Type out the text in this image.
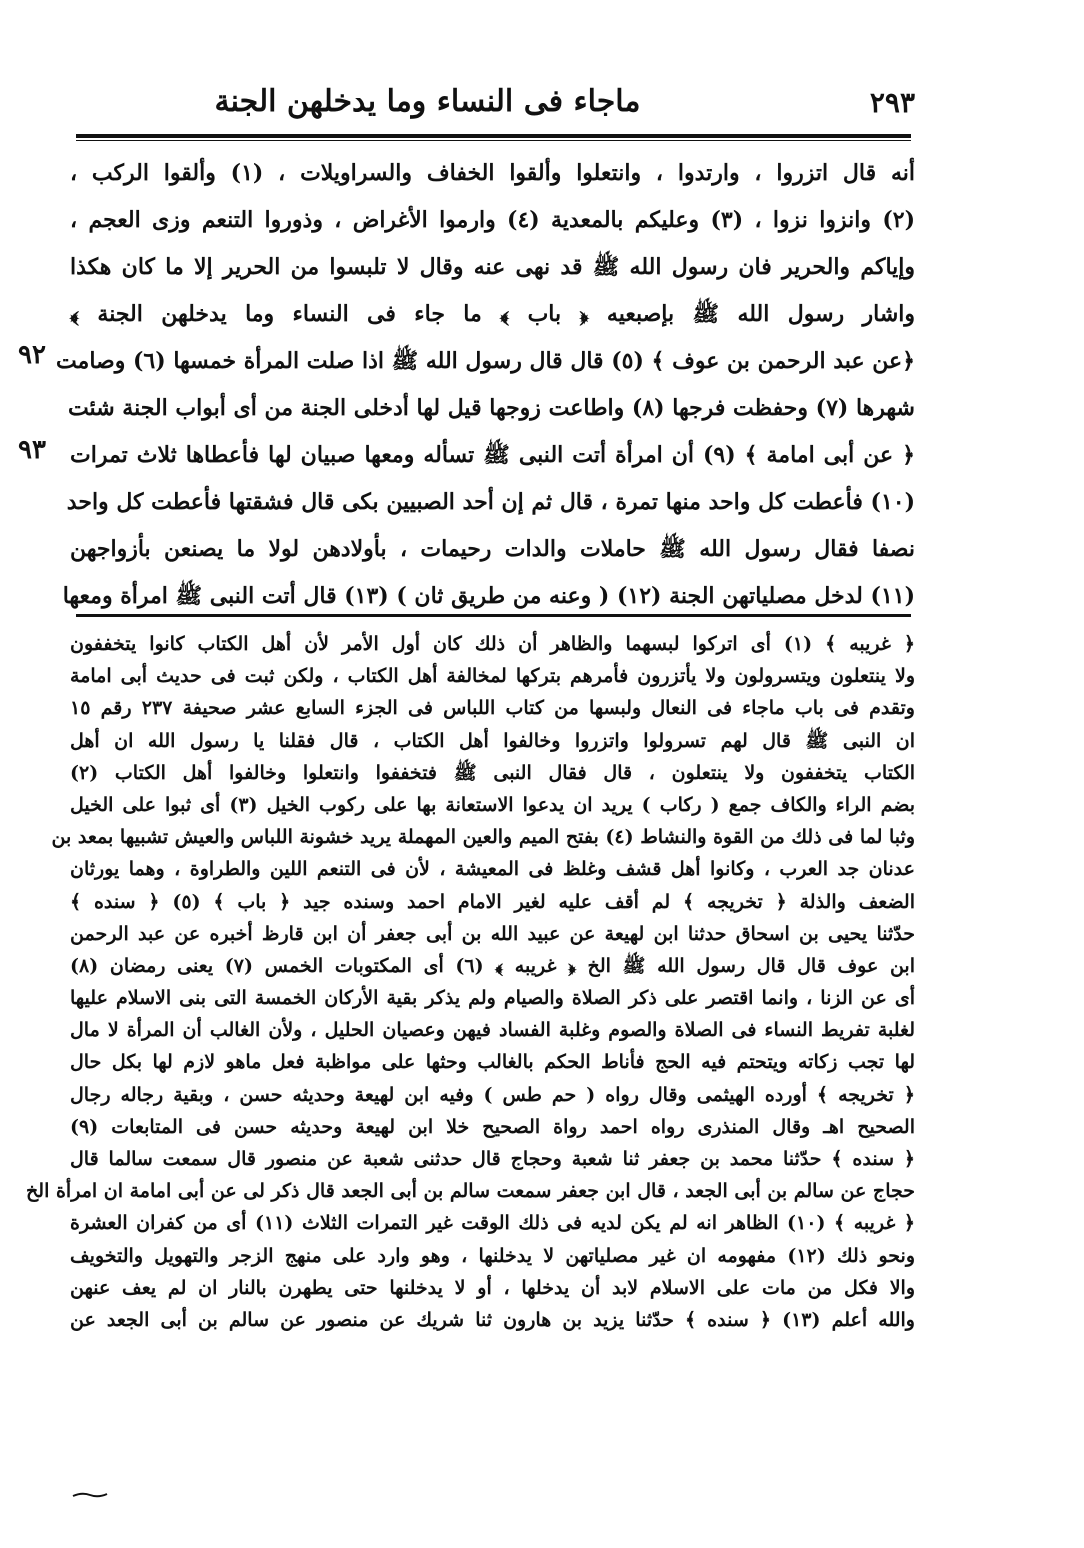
٢٩٣
ماجاء فى النساء وما يدخلهن الجنة
٩٢
٩٣
أنه قال اتزروا ، وارتدوا ، وانتعلوا وألقوا الخفاف والسراويلات ، (١) وألقوا الركب ،
(٢) وانزوا نزوا ، (٣) وعليكم بالمعدية (٤) وارموا الأغراض ، وذوروا التنعم وزى العجم ،
وإياكم والحرير فان رسول الله ﷺ قد نهى عنه وقال لا تلبسوا من الحرير إلا ما كان هكذا
واشار رسول الله ﷺ بإصبعيه ﴿ باب ﴾ ما جاء فى النساء وما يدخلهن الجنة ﴾
﴿عن عبد الرحمن بن عوف ﴾ (٥) قال قال رسول الله ﷺ اذا صلت المرأة خمسها (٦) وصامت
شهرها (٧) وحفظت فرجها (٨) واطاعت زوجها قيل لها أدخلى الجنة من أى أبواب الجنة شئت
﴿ عن أبى امامة ﴾ (٩) أن امرأة أتت النبى ﷺ تسأله ومعها صبيان لها فأعطاها ثلاث تمرات
(١٠) فأعطت كل واحد منها تمرة ، قال ثم إن أحد الصبيين بكى قال فشقتها فأعطت كل واحد
نصفا فقال رسول الله ﷺ حاملات والدات رحيمات ، بأولادهن لولا ما يصنعن بأزواجهن
(١١) لدخل مصلياتهن الجنة (١٢) ( وعنه من طريق ثان ) (١٣) قال أتت النبى ﷺ امرأة ومعها
﴿ غريبه ﴾ (١) أى اتركوا لبسهما والظاهر أن ذلك كان أول الأمر لأن أهل الكتاب كانوا يتخففون
ولا ينتعلون ويتسرولون ولا يأتزرون فأمرهم بتركها لمخالفة أهل الكتاب ، ولكن ثبت فى حديث أبى امامة
وتقدم فى باب ماجاء فى النعال ولبسها من كتاب اللباس فى الجزء السابع عشر صحيفة ٢٣٧ رقم ١٥
ان النبى ﷺ قال لهم تسرولوا واتزروا وخالفوا أهل الكتاب ، قال فقلنا يا رسول الله ان أهل
الكتاب يتخففون ولا ينتعلون ، قال فقال النبى ﷺ فتخففوا وانتعلوا وخالفوا أهل الكتاب (٢)
بضم الراء والكاف جمع ( ركاب ) يريد ان يدعوا الاستعانة بها على ركوب الخيل (٣) أى ثبوا على الخيل
وثبا لما فى ذلك من القوة والنشاط (٤) بفتح الميم والعين المهملة يريد خشونة اللباس والعيش تشبيها بمعد بن
عدنان جد العرب ، وكانوا أهل قشف وغلظ فى المعيشة ، لأن فى التنعم اللين والطراوة ، وهما يورثان
الضعف والذلة ﴿ تخريجه ﴾ لم أقف عليه لغير الامام احمد وسنده جيد ﴿ باب ﴾ (٥) ﴿ سنده ﴾
حدّثنا يحيى بن اسحاق حدثنا ابن لهيعة عن عبيد الله بن أبى جعفر أن ابن قارظ أخبره عن عبد الرحمن
ابن عوف قال قال رسول الله ﷺ الخ ﴿ غريبه ﴾ (٦) أى المكتوبات الخمس (٧) يعنى رمضان (٨)
أى عن الزنا ، وانما اقتصر على ذكر الصلاة والصيام ولم يذكر بقية الأركان الخمسة التى بنى الاسلام عليها
لغلبة تفريط النساء فى الصلاة والصوم وغلبة الفساد فيهن وعصيان الحليل ، ولأن الغالب أن المرأة لا مال
لها تجب زكاته ويتحتم فيه الحج فأناط الحكم بالغالب وحثها على مواظبة فعل ماهو لازم لها بكل حال
﴿ تخريجه ﴾ أورده الهيثمى وقال رواه ( حم طس ) وفيه ابن لهيعة وحديثه حسن ، وبقية رجاله رجال
الصحيح اهـ وقال المنذرى رواه احمد رواة الصحيح خلا ابن لهيعة وحديثه حسن فى المتابعات (٩)
﴿ سنده ﴾ حدّثنا محمد بن جعفر ثنا شعبة وحجاج قال حدثنى شعبة عن منصور قال سمعت سالما قال
حجاج عن سالم بن أبى الجعد ، قال ابن جعفر سمعت سالم بن أبى الجعد قال ذكر لى عن أبى امامة ان امرأة الخ
﴿ غريبه ﴾ (١٠) الظاهر انه لم يكن لديه فى ذلك الوقت غير التمرات الثلاث (١١) أى من كفران العشرة
ونحو ذلك (١٢) مفهومه ان غير مصلياتهن لا يدخلنها ، وهو وارد على منهج الزجر والتهويل والتخويف
والا فكل من مات على الاسلام لابد أن يدخلها ، أو لا يدخلنها حتى يطهرن بالنار ان لم يعف عنهن
والله أعلم (١٣) ﴿ سنده ﴾ حدّثنا يزيد بن هارون ثنا شريك عن منصور عن سالم بن أبى الجعد عن
